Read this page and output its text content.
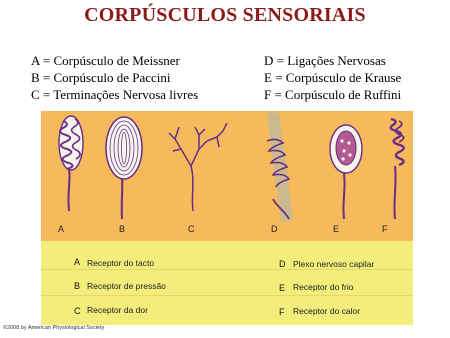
CORPÚSCULOS SENSORIAIS
A = Corpúsculo de Meissner
B = Corpúsculo de Paccini
C = Terminações Nervosa livres
D = Ligações Nervosas
E = Corpúsculo de Krause
F = Corpúsculo de Ruffini
A	B	C	D	E	F
A Receptor do tacto
B Receptor de pressão
C Receptor da dor
D Plexo nervoso capilar
E Receptor do frio
F Receptor do calor
©2008 by American Physiological Society
